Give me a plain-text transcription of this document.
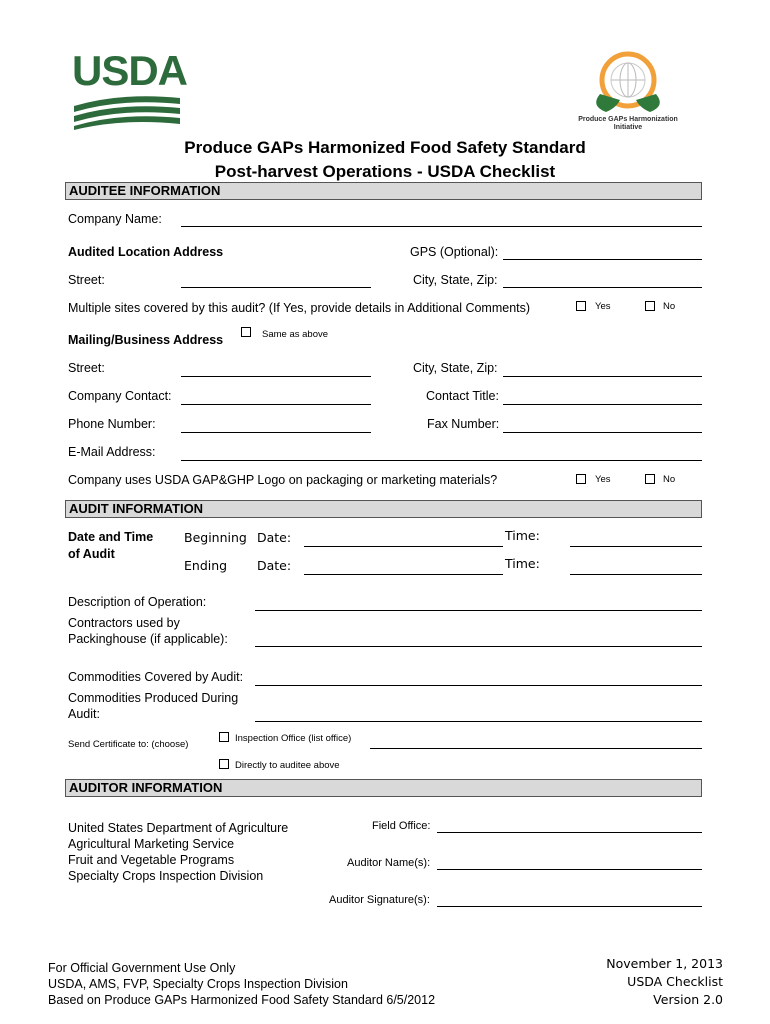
USDA
Produce GAPs Harmonization Initiative
Produce GAPs Harmonized Food Safety Standard
Post-harvest Operations - USDA Checklist
AUDITEE INFORMATION
Company Name:
Audited Location Address	GPS (Optional):
Street:	City, State, Zip:
Multiple sites covered by this audit? (If Yes, provide details in Additional Comments)	Yes	No
Same as above
Mailing/Business Address
Street:	City, State, Zip:
Company Contact:	Contact Title:
Phone Number:	Fax Number:
E-Mail Address:
Company uses USDA GAP&GHP Logo on packaging or marketing materials?	Yes	No
AUDIT INFORMATION
Date and Time
of Audit
Beginning Date:	Time:
Ending Date:	Time:
Description of Operation:
Contractors used by
Packinghouse (if applicable):
Commodities Covered by Audit:
Commodities Produced During
Audit:
Send Certificate to: (choose)
Inspection Office (list office)
Directly to auditee above
AUDITOR INFORMATION
United States Department of Agriculture
Agricultural Marketing Service
Fruit and Vegetable Programs
Specialty Crops Inspection Division
Field Office:
Auditor Name(s):
Auditor Signature(s):
For Official Government Use Only
USDA, AMS, FVP, Specialty Crops Inspection Division
Based on Produce GAPs Harmonized Food Safety Standard 6/5/2012
November 1, 2013
USDA Checklist
Version 2.0
